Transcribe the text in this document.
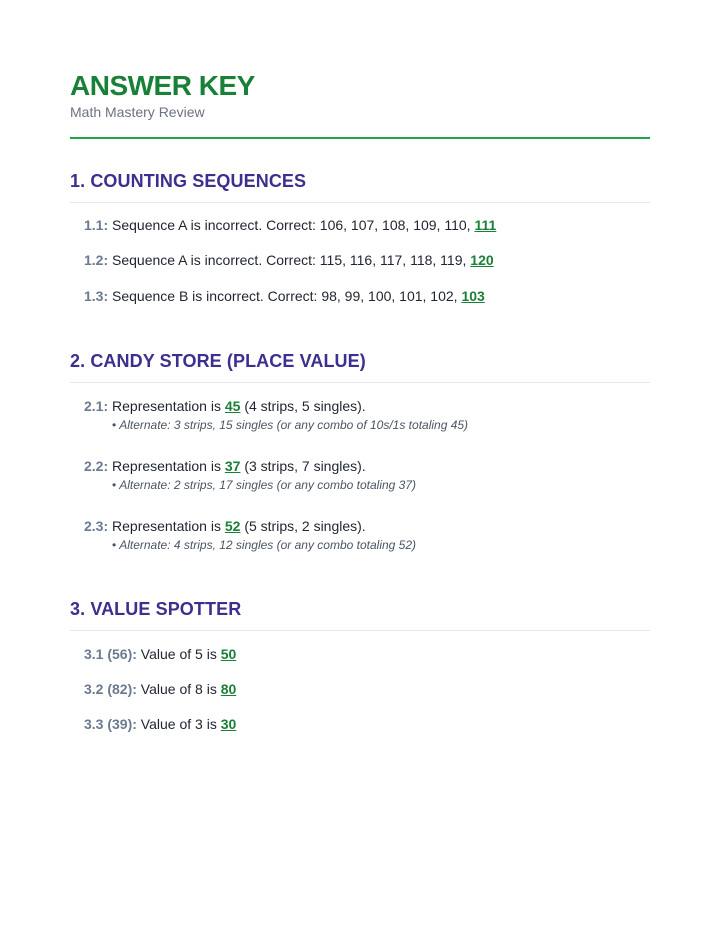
ANSWER KEY
Math Mastery Review
1. COUNTING SEQUENCES
1.1: Sequence A is incorrect. Correct: 106, 107, 108, 109, 110, 111
1.2: Sequence A is incorrect. Correct: 115, 116, 117, 118, 119, 120
1.3: Sequence B is incorrect. Correct: 98, 99, 100, 101, 102, 103
2. CANDY STORE (PLACE VALUE)
2.1: Representation is 45 (4 strips, 5 singles).
• Alternate: 3 strips, 15 singles (or any combo of 10s/1s totaling 45)
2.2: Representation is 37 (3 strips, 7 singles).
• Alternate: 2 strips, 17 singles (or any combo totaling 37)
2.3: Representation is 52 (5 strips, 2 singles).
• Alternate: 4 strips, 12 singles (or any combo totaling 52)
3. VALUE SPOTTER
3.1 (56): Value of 5 is 50
3.2 (82): Value of 8 is 80
3.3 (39): Value of 3 is 30
